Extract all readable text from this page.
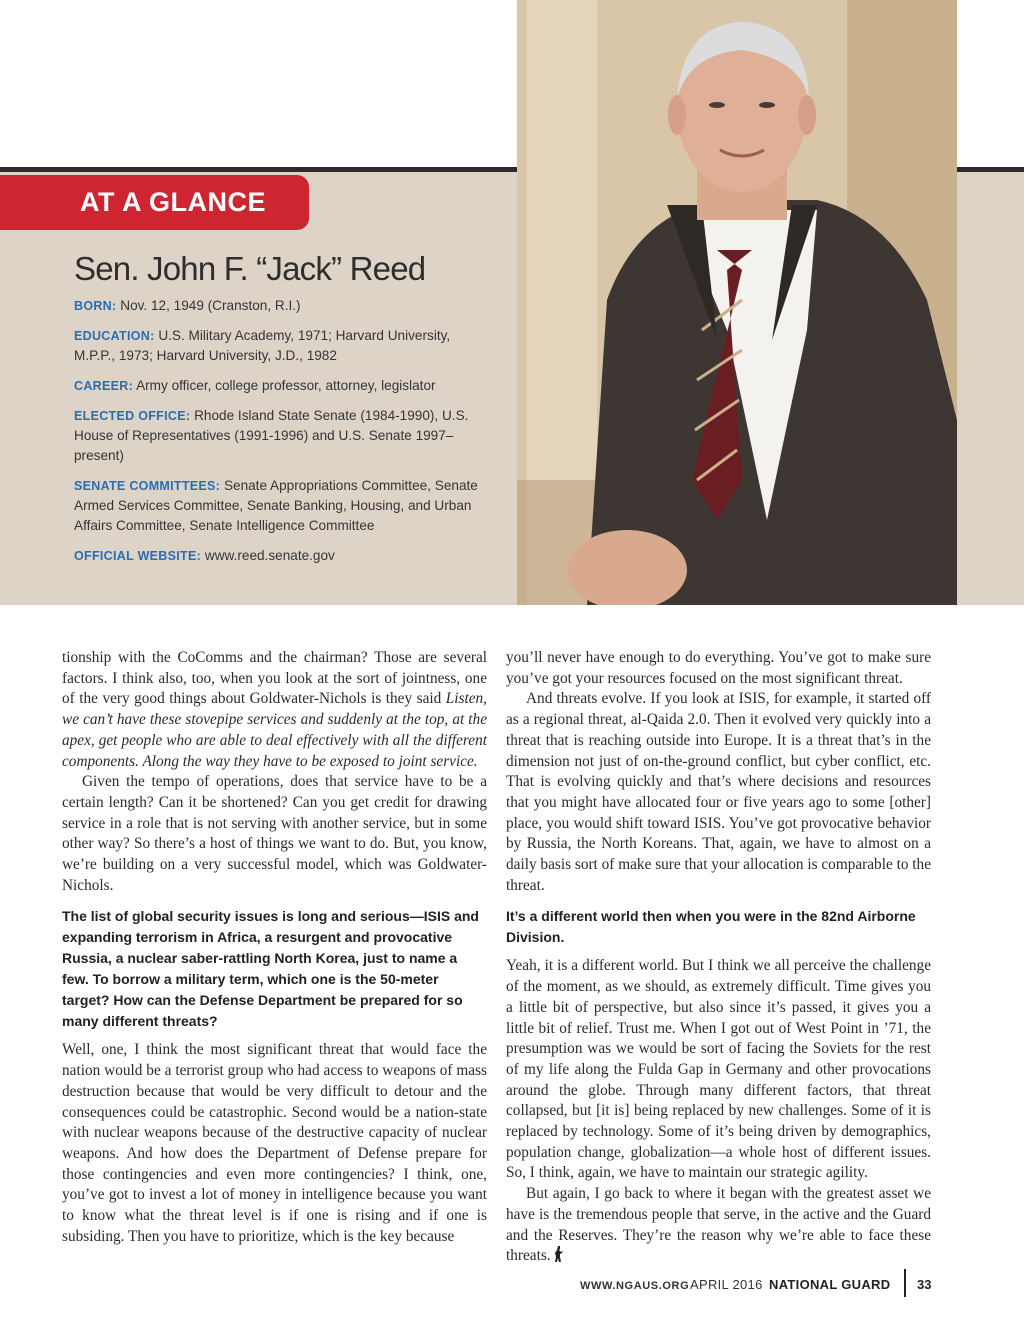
AT A GLANCE
Sen. John F. “Jack” Reed
BORN: Nov. 12, 1949 (Cranston, R.I.)
EDUCATION: U.S. Military Academy, 1971; Harvard University, M.P.P., 1973; Harvard University, J.D., 1982
CAREER: Army officer, college professor, attorney, legislator
ELECTED OFFICE: Rhode Island State Senate (1984-1990), U.S. House of Representatives (1991-1996) and U.S. Senate 1997–present)
SENATE COMMITTEES: Senate Appropriations Committee, Senate Armed Services Committee, Senate Banking, Housing, and Urban Affairs Committee, Senate Intelligence Committee
OFFICIAL WEBSITE: www.reed.senate.gov

tionship with the CoComms and the chairman? Those are several factors. I think also, too, when you look at the sort of jointness, one of the very good things about Goldwater-Nichols is they said Listen, we can’t have these stovepipe services and suddenly at the top, at the apex, get people who are able to deal effectively with all the different components. Along the way they have to be exposed to joint service.

Given the tempo of operations, does that service have to be a certain length? Can it be shortened? Can you get credit for drawing service in a role that is not serving with another service, but in some other way? So there’s a host of things we want to do. But, you know, we’re building on a very successful model, which was Goldwater-Nichols.

The list of global security issues is long and serious—ISIS and expanding terrorism in Africa, a resurgent and provocative Russia, a nuclear saber-rattling North Korea, just to name a few. To borrow a military term, which one is the 50-meter target? How can the Defense Department be prepared for so many different threats?

Well, one, I think the most significant threat that would face the nation would be a terrorist group who had access to weapons of mass destruction because that would be very difficult to detour and the consequences could be catastrophic. Second would be a nation-state with nuclear weapons because of the destructive capacity of nuclear weapons. And how does the Department of Defense prepare for those contingencies and even more contingencies? I think, one, you’ve got to invest a lot of money in intelligence because you want to know what the threat level is if one is rising and if one is subsiding. Then you have to prioritize, which is the key because

you’ll never have enough to do everything. You’ve got to make sure you’ve got your resources focused on the most significant threat.

And threats evolve. If you look at ISIS, for example, it started off as a regional threat, al-Qaida 2.0. Then it evolved very quickly into a threat that is reaching outside into Europe. It is a threat that’s in the dimension not just of on-the-ground conflict, but cyber conflict, etc. That is evolving quickly and that’s where decisions and resources that you might have allocated four or five years ago to some [other] place, you would shift toward ISIS. You’ve got provocative behavior by Russia, the North Koreans. That, again, we have to almost on a daily basis sort of make sure that your allocation is comparable to the threat.

It’s a different world then when you were in the 82nd Airborne Division.

Yeah, it is a different world. But I think we all perceive the challenge of the moment, as we should, as extremely difficult. Time gives you a little bit of perspective, but also since it’s passed, it gives you a little bit of relief. Trust me. When I got out of West Point in ’71, the presumption was we would be sort of facing the Soviets for the rest of my life along the Fulda Gap in Germany and other provocations around the globe. Through many different factors, that threat collapsed, but [it is] being replaced by new challenges. Some of it is replaced by technology. Some of it’s being driven by demographics, population change, globalization—a whole host of different issues. So, I think, again, we have to maintain our strategic agility.

But again, I go back to where it began with the greatest asset we have is the tremendous people that serve, in the active and the Guard and the Reserves. They’re the reason why we’re able to face these threats.

WWW.NGAUS.ORG APRIL 2016 NATIONAL GUARD 33
